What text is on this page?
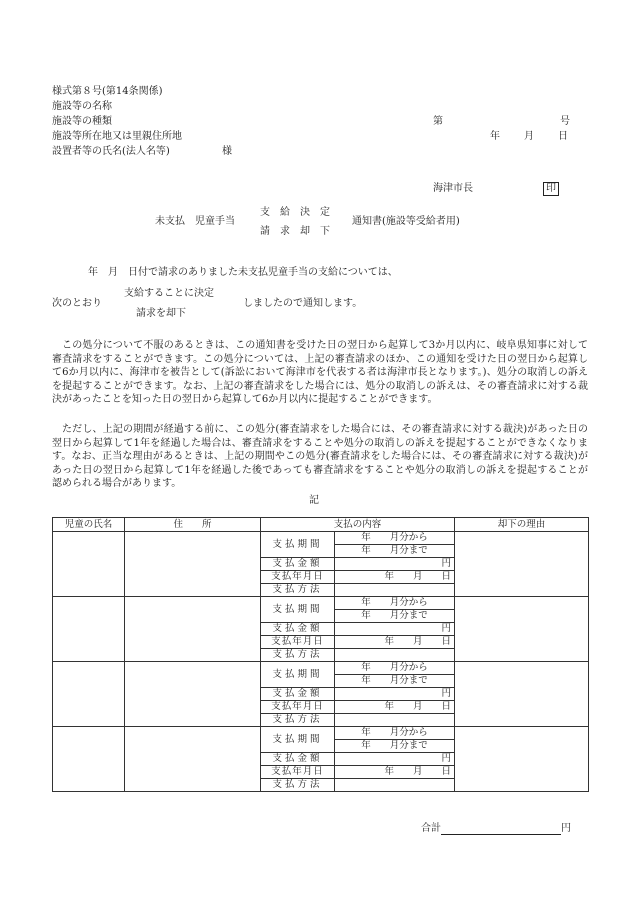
様式第８号(第14条関係)
施設等の名称
施設等の種類	第	号
施設等所在地又は里親住所地	年 月 日
設置者等の氏名(法人名等)	様
海津市長	印
未支払　児童手当
支　給　決　定
請　求　却　下
通知書(施設等受給者用)
年　月　日付で請求のありました未支払児童手当の支給については、
支給することに決定
次のとおり	しましたので通知します。
請求を却下
この処分について不服のあるときは、この通知書を受けた日の翌日から起算して3か月以内に、岐阜県知事に対して審査請求をすることができます。この処分については、上記の審査請求のほか、この通知を受けた日の翌日から起算して6か月以内に、海津市を被告として(訴訟において海津市を代表する者は海津市長となります。)、処分の取消しの訴えを提起することができます。なお、上記の審査請求をした場合には、処分の取消しの訴えは、その審査請求に対する裁決があったことを知った日の翌日から起算して6か月以内に提起することができます。
ただし、上記の期間が経過する前に、この処分(審査請求をした場合には、その審査請求に対する裁決)があった日の翌日から起算して1年を経過した場合は、審査請求をすることや処分の取消しの訴えを提起することができなくなります。なお、正当な理由があるときは、上記の期間やこの処分(審査請求をした場合には、その審査請求に対する裁決)があった日の翌日から起算して1年を経過した後であっても審査請求をすることや処分の取消しの訴えを提起することが認められる場合があります。
記
児童の氏名	住　　所	支払の内容		却下の理由
		支払期間	年　　月分から	
			年　　月分まで	
		支払金額	円	
		支払年月日	年　　月　　日	
		支払方法		
		支払期間	年　　月分から	
			年　　月分まで	
		支払金額	円	
		支払年月日	年　　月　　日	
		支払方法		
		支払期間	年　　月分から	
			年　　月分まで	
		支払金額	円	
		支払年月日	年　　月　　日	
		支払方法		
		支払期間	年　　月分から	
			年　　月分まで	
		支払金額	円	
		支払年月日	年　　月　　日	
		支払方法		
合計	円
